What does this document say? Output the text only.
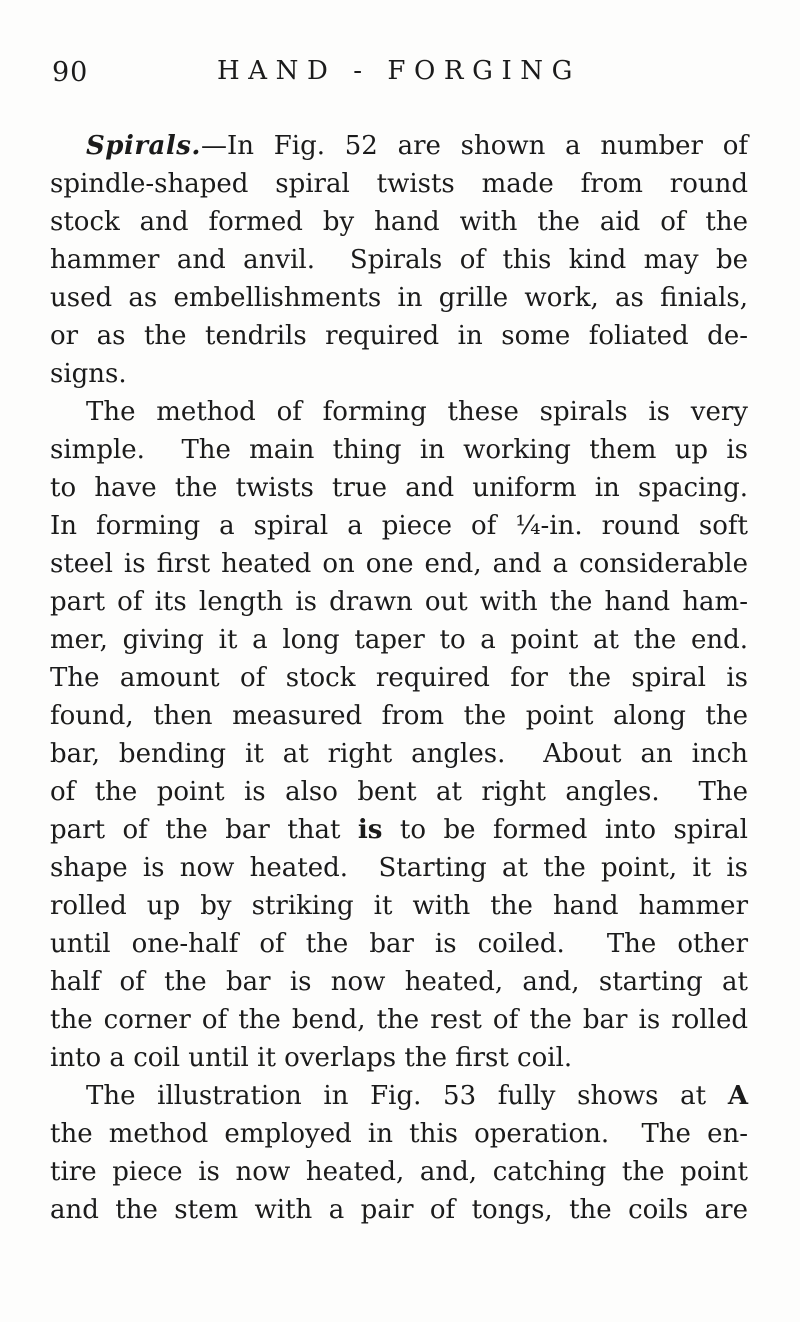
90	HAND - FORGING
Spirals.—In Fig. 52 are shown a number of
spindle-shaped spiral twists made from round
stock and formed by hand with the aid of the
hammer and anvil.  Spirals of this kind may be
used as embellishments in grille work, as finials,
or as the tendrils required in some foliated de-
signs.
The method of forming these spirals is very
simple.  The main thing in working them up is
to have the twists true and uniform in spacing.
In forming a spiral a piece of ¼-in. round soft
steel is first heated on one end, and a considerable
part of its length is drawn out with the hand ham-
mer, giving it a long taper to a point at the end.
The amount of stock required for the spiral is
found, then measured from the point along the
bar, bending it at right angles.  About an inch
of the point is also bent at right angles.  The
part of the bar that is to be formed into spiral
shape is now heated.  Starting at the point, it is
rolled up by striking it with the hand hammer
until one-half of the bar is coiled.  The other
half of the bar is now heated, and, starting at
the corner of the bend, the rest of the bar is rolled
into a coil until it overlaps the first coil.
The illustration in Fig. 53 fully shows at A
the method employed in this operation.  The en-
tire piece is now heated, and, catching the point
and the stem with a pair of tongs, the coils are
